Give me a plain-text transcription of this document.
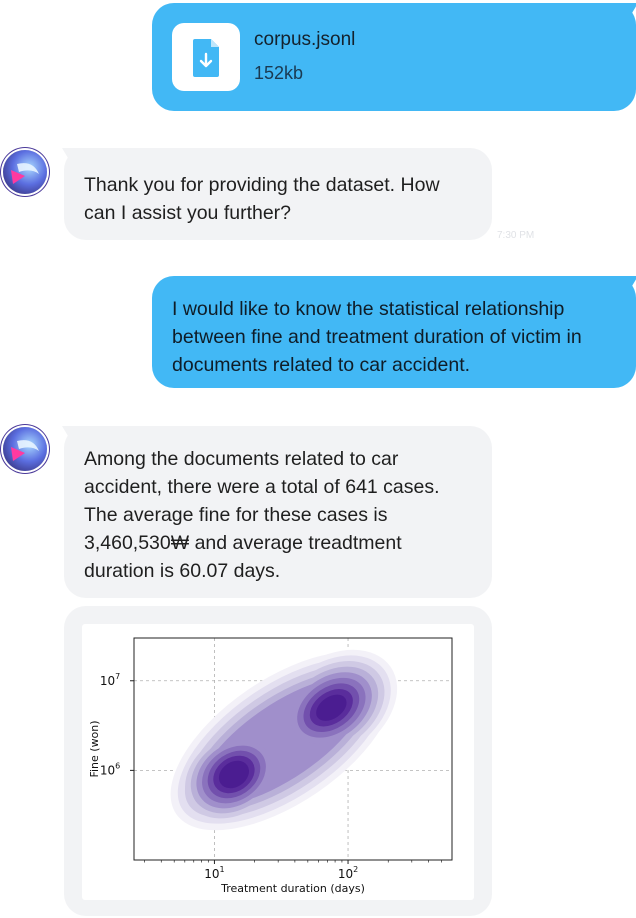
corpus.jsonl
152kb
Thank you for providing the dataset. How
can I assist you further?
7:30 PM
I would like to know the statistical relationship
between fine and treatment duration of victim in
documents related to car accident.
Among the documents related to car
accident, there were a total of 641 cases.
The average fine for these cases is
3,460,530₩ and average treadtment
duration is 60.07 days.
$10^1$	$10^2$
$10^6$
$10^7$
Treatment duration (days)
Fine (won)
